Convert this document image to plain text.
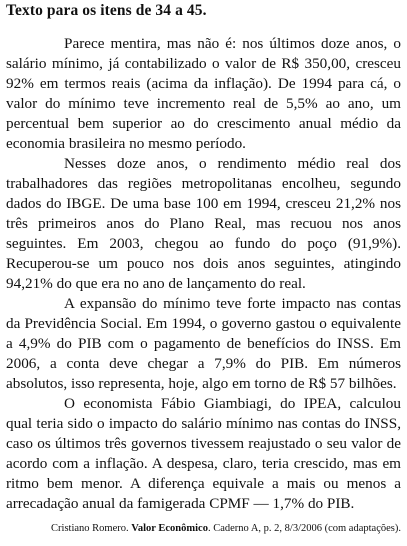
Texto para os itens de 34 a 45.

Parece mentira, mas não é: nos últimos doze anos, o salário mínimo, já contabilizado o valor de R$ 350,00, cresceu 92% em termos reais (acima da inflação). De 1994 para cá, o valor do mínimo teve incremento real de 5,5% ao ano, um percentual bem superior ao do crescimento anual médio da economia brasileira no mesmo período.

Nesses doze anos, o rendimento médio real dos trabalhadores das regiões metropolitanas encolheu, segundo dados do IBGE. De uma base 100 em 1994, cresceu 21,2% nos três primeiros anos do Plano Real, mas recuou nos anos seguintes. Em 2003, chegou ao fundo do poço (91,9%). Recuperou-se um pouco nos dois anos seguintes, atingindo 94,21% do que era no ano de lançamento do real.

A expansão do mínimo teve forte impacto nas contas da Previdência Social. Em 1994, o governo gastou o equivalente a 4,9% do PIB com o pagamento de benefícios do INSS. Em 2006, a conta deve chegar a 7,9% do PIB. Em números absolutos, isso representa, hoje, algo em torno de R$ 57 bilhões.

O economista Fábio Giambiagi, do IPEA, calculou qual teria sido o impacto do salário mínimo nas contas do INSS, caso os últimos três governos tivessem reajustado o seu valor de acordo com a inflação. A despesa, claro, teria crescido, mas em ritmo bem menor. A diferença equivale a mais ou menos a arrecadação anual da famigerada CPMF — 1,7% do PIB.

Cristiano Romero. Valor Econômico. Caderno A, p. 2, 8/3/2006 (com adaptações).
